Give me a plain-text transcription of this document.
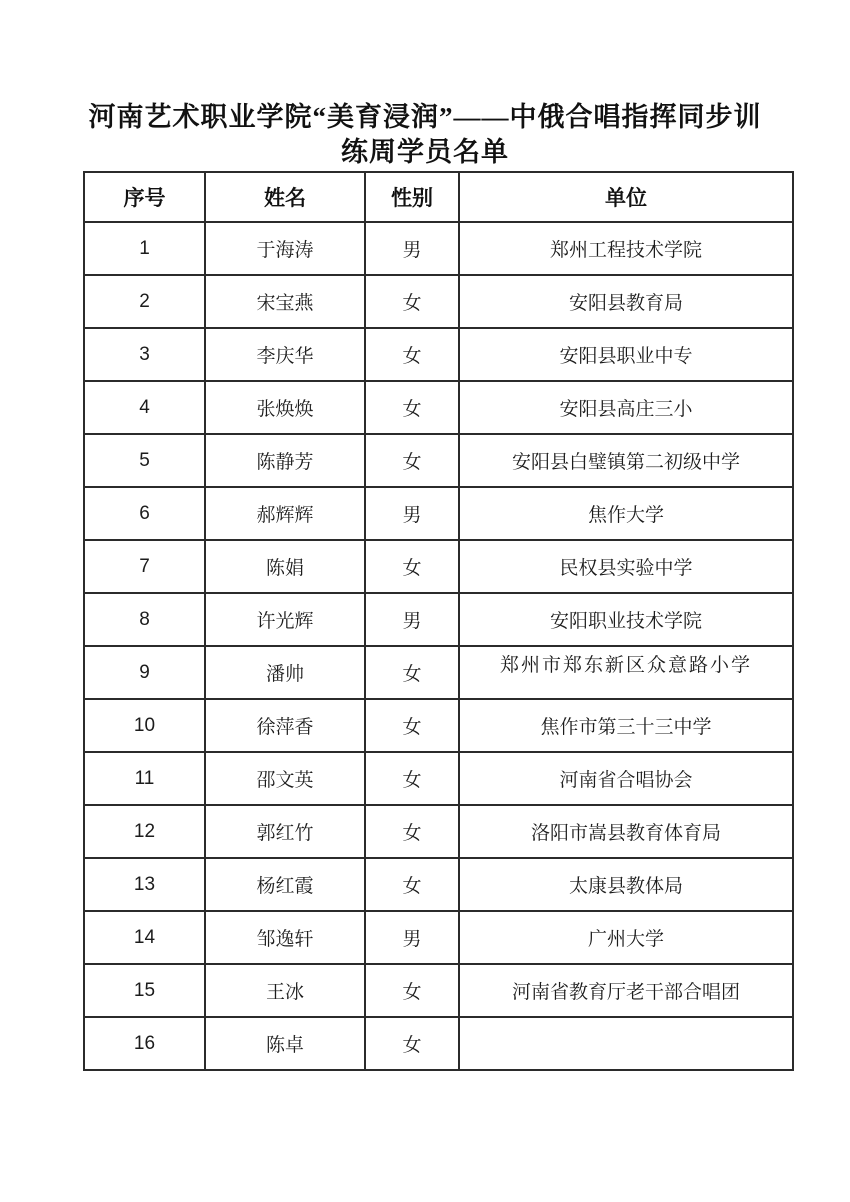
河南艺术职业学院“美育浸润”——中俄合唱指挥同步训
练周学员名单
序号	姓名	性别	单位
1	于海涛	男	郑州工程技术学院
2	宋宝燕	女	安阳县教育局
3	李庆华	女	安阳县职业中专
4	张焕焕	女	安阳县高庄三小
5	陈静芳	女	安阳县白璧镇第二初级中学
6	郝辉辉	男	焦作大学
7	陈娟	女	民权县实验中学
8	许光辉	男	安阳职业技术学院
9	潘帅	女	郑州市郑东新区众意路小学
10	徐萍香	女	焦作市第三十三中学
11	邵文英	女	河南省合唱协会
12	郭红竹	女	洛阳市嵩县教育体育局
13	杨红霞	女	太康县教体局
14	邹逸轩	男	广州大学
15	王冰	女	河南省教育厅老干部合唱团
16	陈卓	女	
